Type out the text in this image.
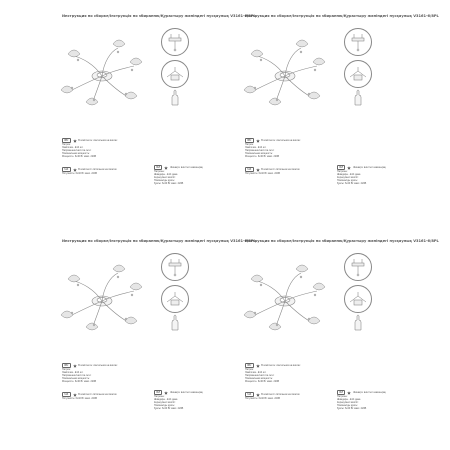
Инструкция по сборке/Інструкція по збиранню/Құрастыру жөніндегі нұсқаулық V3161-6/8PL
RU	В комплекте: светильник на винтах
Патрон:
Лампочка - E14 шт.
Напряжение/частота сети:
Номинальная мощность:
Мощность: 6x40 Вт макс. 220В
UA	В комплекті: світильник на гвинтах
Потужність: 6x40 Вт макс. 220В
KZ	Жинақта: винттегі шамшырақ
Патроны:
Шамдары - E14 дана
Кернеу/желі жиілігі:
Номиналды қуаты:
Қуаты: 6x40 Вт макс. 220В
Инструкция по сборке/Інструкція по збиранню/Құрастыру жөніндегі нұсқаулық V3161-6/8PL
RU	В комплекте: светильник на винтах
Патрон:
Лампочка - E14 шт.
Напряжение/частота сети:
Номинальная мощность:
Мощность: 6x40 Вт макс. 220В
UA	В комплекті: світильник на гвинтах
Потужність: 6x40 Вт макс. 220В
KZ	Жинақта: винттегі шамшырақ
Патроны:
Шамдары - E14 дана
Кернеу/желі жиілігі:
Номиналды қуаты:
Қуаты: 6x40 Вт макс. 220В
Инструкция по сборке/Інструкція по збиранню/Құрастыру жөніндегі нұсқаулық V3161-6/8PL
RU	В комплекте: светильник на винтах
Патрон:
Лампочка - E14 шт.
Напряжение/частота сети:
Номинальная мощность:
Мощность: 6x40 Вт макс. 220В
UA	В комплекті: світильник на гвинтах
Потужність: 6x40 Вт макс. 220В
KZ	Жинақта: винттегі шамшырақ
Патроны:
Шамдары - E14 дана
Кернеу/желі жиілігі:
Номиналды қуаты:
Қуаты: 6x40 Вт макс. 220В
Инструкция по сборке/Інструкція по збиранню/Құрастыру жөніндегі нұсқаулық V3161-6/8PL
RU	В комплекте: светильник на винтах
Патрон:
Лампочка - E14 шт.
Напряжение/частота сети:
Номинальная мощность:
Мощность: 6x40 Вт макс. 220В
UA	В комплекті: світильник на гвинтах
Потужність: 6x40 Вт макс. 220В
KZ	Жинақта: винттегі шамшырақ
Патроны:
Шамдары - E14 дана
Кернеу/желі жиілігі:
Номиналды қуаты:
Қуаты: 6x40 Вт макс. 220В
